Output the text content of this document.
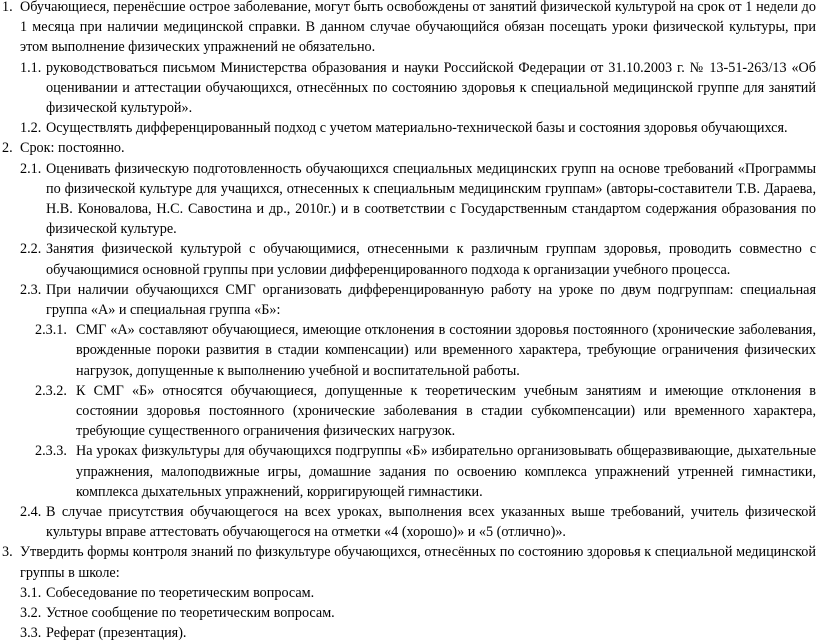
1. Обучающиеся, перенёсшие острое заболевание, могут быть освобождены от занятий физической культурой на срок от 1 недели до 1 месяца при наличии медицинской справки. В данном случае обучающийся обязан посещать уроки физической культуры, при этом выполнение физических упражнений не обязательно.
1.1. руководствоваться письмом Министерства образования и науки Российской Федерации от 31.10.2003 г. № 13-51-263/13 «Об оценивании и аттестации обучающихся, отнесённых по состоянию здоровья к специальной медицинской группе для занятий физической культурой».
1.2. Осуществлять дифференцированный подход с учетом материально-технической базы и состояния здоровья обучающихся.
2. Срок: постоянно.
2.1. Оценивать физическую подготовленность обучающихся специальных медицинских групп на основе требований «Программы по физической культуре для учащихся, отнесенных к специальным медицинским группам» (авторы-составители Т.В. Дараева, Н.В. Коновалова, Н.С. Савостина и др., 2010г.) и в соответствии с Государственным стандартом содержания образования по физической культуре.
2.2. Занятия физической культурой с обучающимися, отнесенными к различным группам здоровья, проводить совместно с обучающимися основной группы при условии дифференцированного подхода к организации учебного процесса.
2.3. При наличии обучающихся СМГ организовать дифференцированную работу на уроке по двум подгруппам: специальная группа «А» и специальная группа «Б»:
2.3.1. СМГ «А» составляют обучающиеся, имеющие отклонения в состоянии здоровья постоянного (хронические заболевания, врожденные пороки развития в стадии компенсации) или временного характера, требующие ограничения физических нагрузок, допущенные к выполнению учебной и воспитательной работы.
2.3.2. К СМГ «Б» относятся обучающиеся, допущенные к теоретическим учебным занятиям и имеющие отклонения в состоянии здоровья постоянного (хронические заболевания в стадии субкомпенсации) или временного характера, требующие существенного ограничения физических нагрузок.
2.3.3. На уроках физкультуры для обучающихся подгруппы «Б» избирательно организовывать общеразвивающие, дыхательные упражнения, малоподвижные игры, домашние задания по освоению комплекса упражнений утренней гимнастики, комплекса дыхательных упражнений, корригирующей гимнастики.
2.4. В случае присутствия обучающегося на всех уроках, выполнения всех указанных выше требований, учитель физической культуры вправе аттестовать обучающегося на отметки «4 (хорошо)» и «5 (отлично)».
3. Утвердить формы контроля знаний по физкультуре обучающихся, отнесённых по состоянию здоровья к специальной медицинской группы в школе:
3.1. Собеседование по теоретическим вопросам.
3.2. Устное сообщение по теоретическим вопросам.
3.3. Реферат (презентация).
